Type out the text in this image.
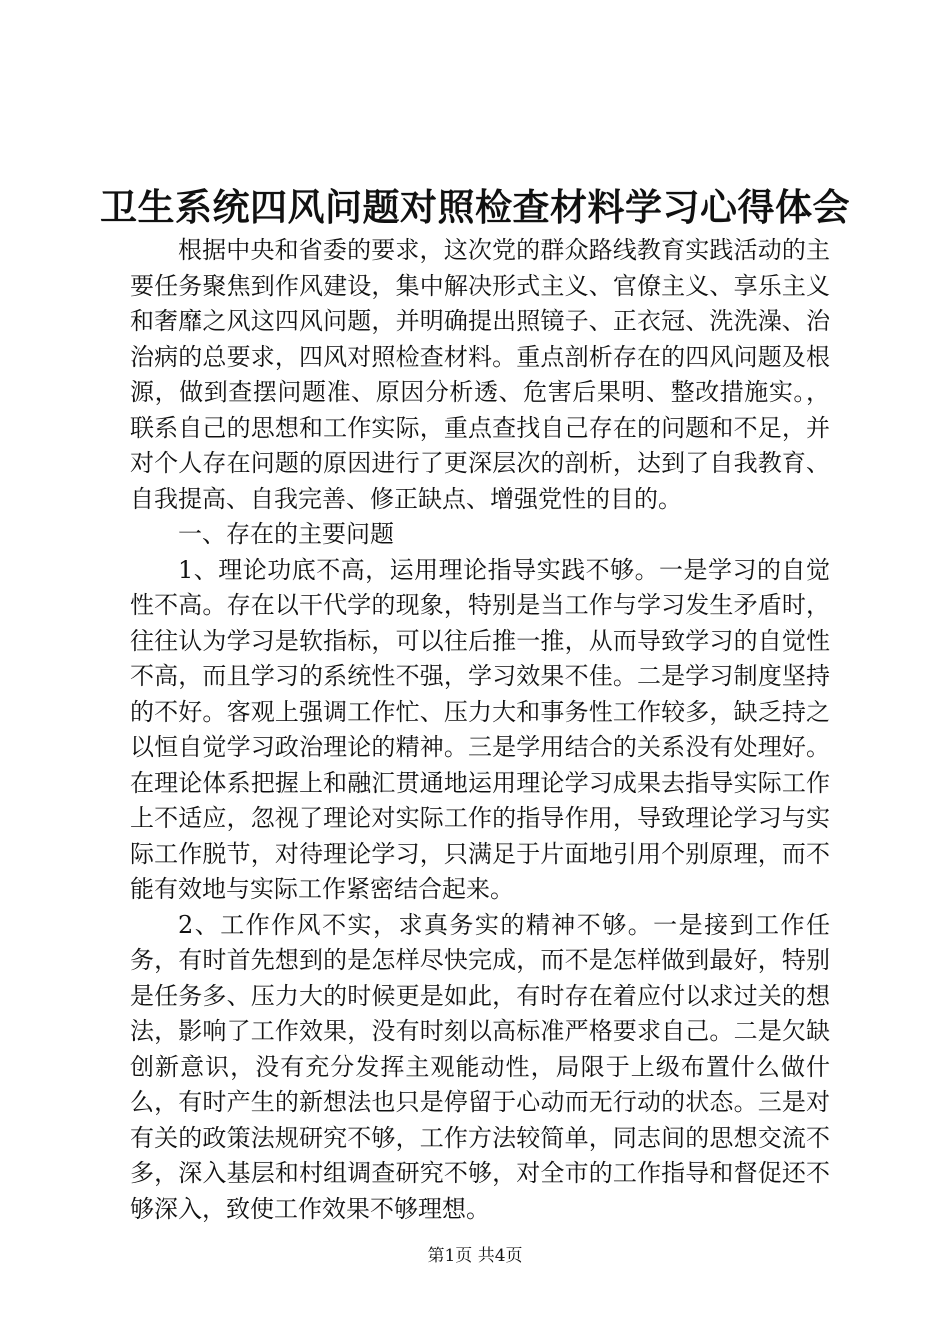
卫生系统四风问题对照检查材料学习心得体会

根据中央和省委的要求，这次党的群众路线教育实践活动的主要任务聚焦到作风建设，集中解决形式主义、官僚主义、享乐主义和奢靡之风这四风问题，并明确提出照镜子、正衣冠、洗洗澡、治治病的总要求，四风对照检查材料。重点剖析存在的四风问题及根源，做到查摆问题准、原因分析透、危害后果明、整改措施实。，联系自己的思想和工作实际，重点查找自己存在的问题和不足，并对个人存在问题的原因进行了更深层次的剖析，达到了自我教育、自我提高、自我完善、修正缺点、增强党性的目的。

一、存在的主要问题

1、理论功底不高，运用理论指导实践不够。一是学习的自觉性不高。存在以干代学的现象，特别是当工作与学习发生矛盾时，往往认为学习是软指标，可以往后推一推，从而导致学习的自觉性不高，而且学习的系统性不强，学习效果不佳。二是学习制度坚持的不好。客观上强调工作忙、压力大和事务性工作较多，缺乏持之以恒自觉学习政治理论的精神。三是学用结合的关系没有处理好。在理论体系把握上和融汇贯通地运用理论学习成果去指导实际工作上不适应，忽视了理论对实际工作的指导作用，导致理论学习与实际工作脱节，对待理论学习，只满足于片面地引用个别原理，而不能有效地与实际工作紧密结合起来。

2、工作作风不实，求真务实的精神不够。一是接到工作任务，有时首先想到的是怎样尽快完成，而不是怎样做到最好，特别是任务多、压力大的时候更是如此，有时存在着应付以求过关的想法，影响了工作效果，没有时刻以高标准严格要求自己。二是欠缺创新意识，没有充分发挥主观能动性，局限于上级布置什么做什么，有时产生的新想法也只是停留于心动而无行动的状态。三是对有关的政策法规研究不够，工作方法较简单，同志间的思想交流不多，深入基层和村组调查研究不够，对全市的工作指导和督促还不够深入，致使工作效果不够理想。

第1页 共4页
